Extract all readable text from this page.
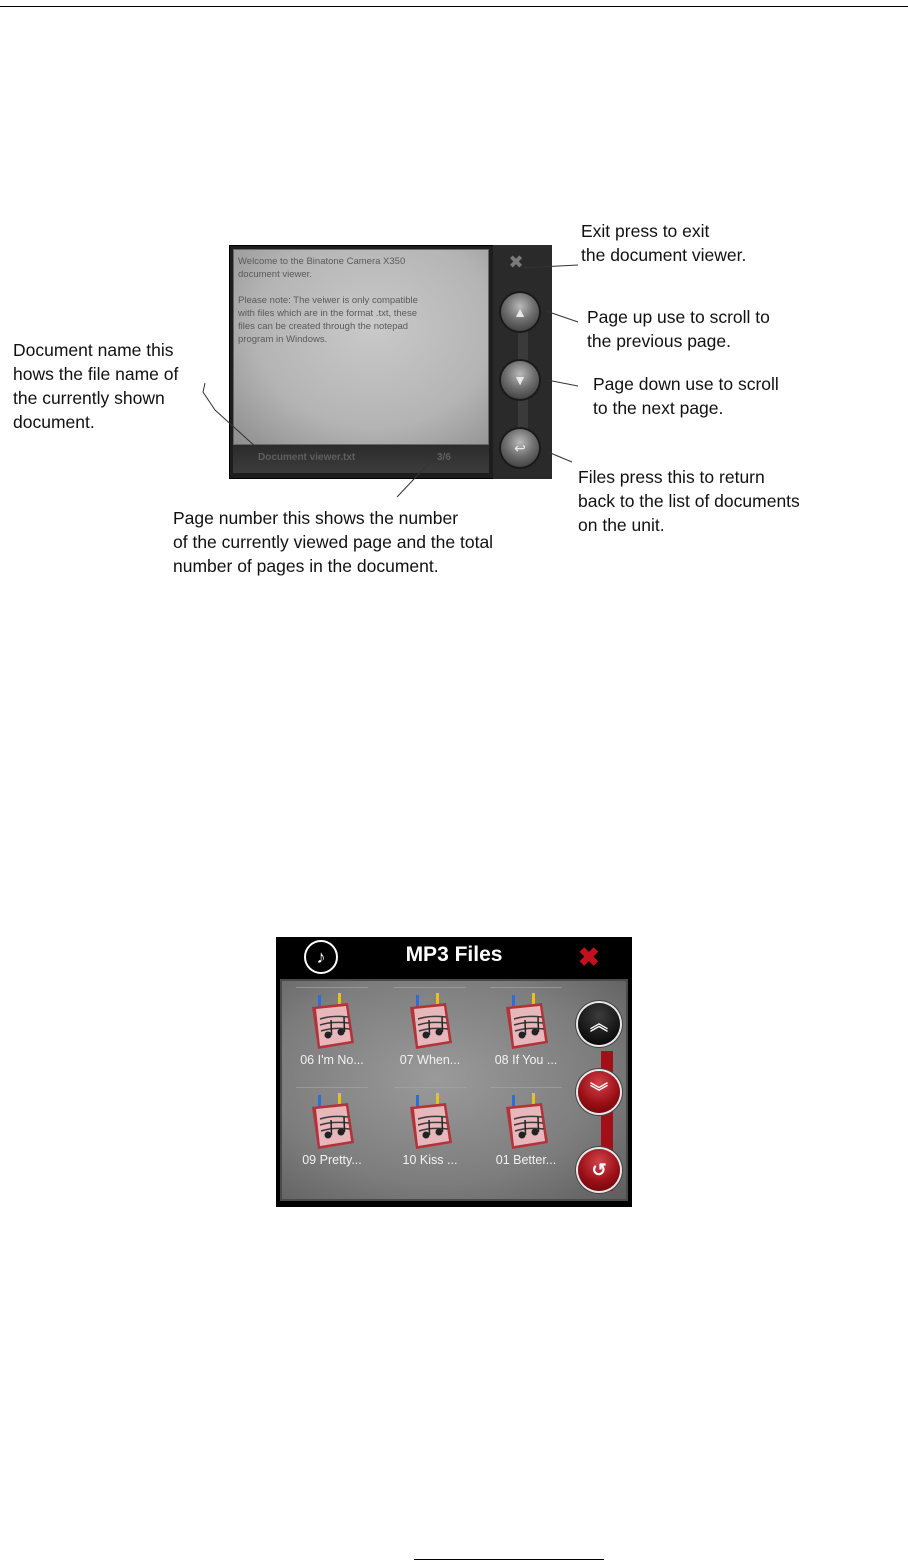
Welcome to the Binatone Camera X350
document viewer.

Please note: The veiwer is only compatible
with files which are in the format .txt, these
files can be created through the notepad
program in Windows.

Document viewer.txt	3/6
✖
▲
▼
↩
Exit press to exit
the document viewer.
Page up use to scroll to
the previous page.
Page down use to scroll
to the next page.
Files press this to return
back to the list of documents
on the unit.
Document name this
hows the file name of
the currently shown
document.
Page number this shows the number
of the currently viewed page and the total
number of pages in the document.
♪	MP3 Files	✖
06 I'm No...	07 When...	08 If You ...
09 Pretty...	10 Kiss ...	01 Better...
︽
︾
↺
